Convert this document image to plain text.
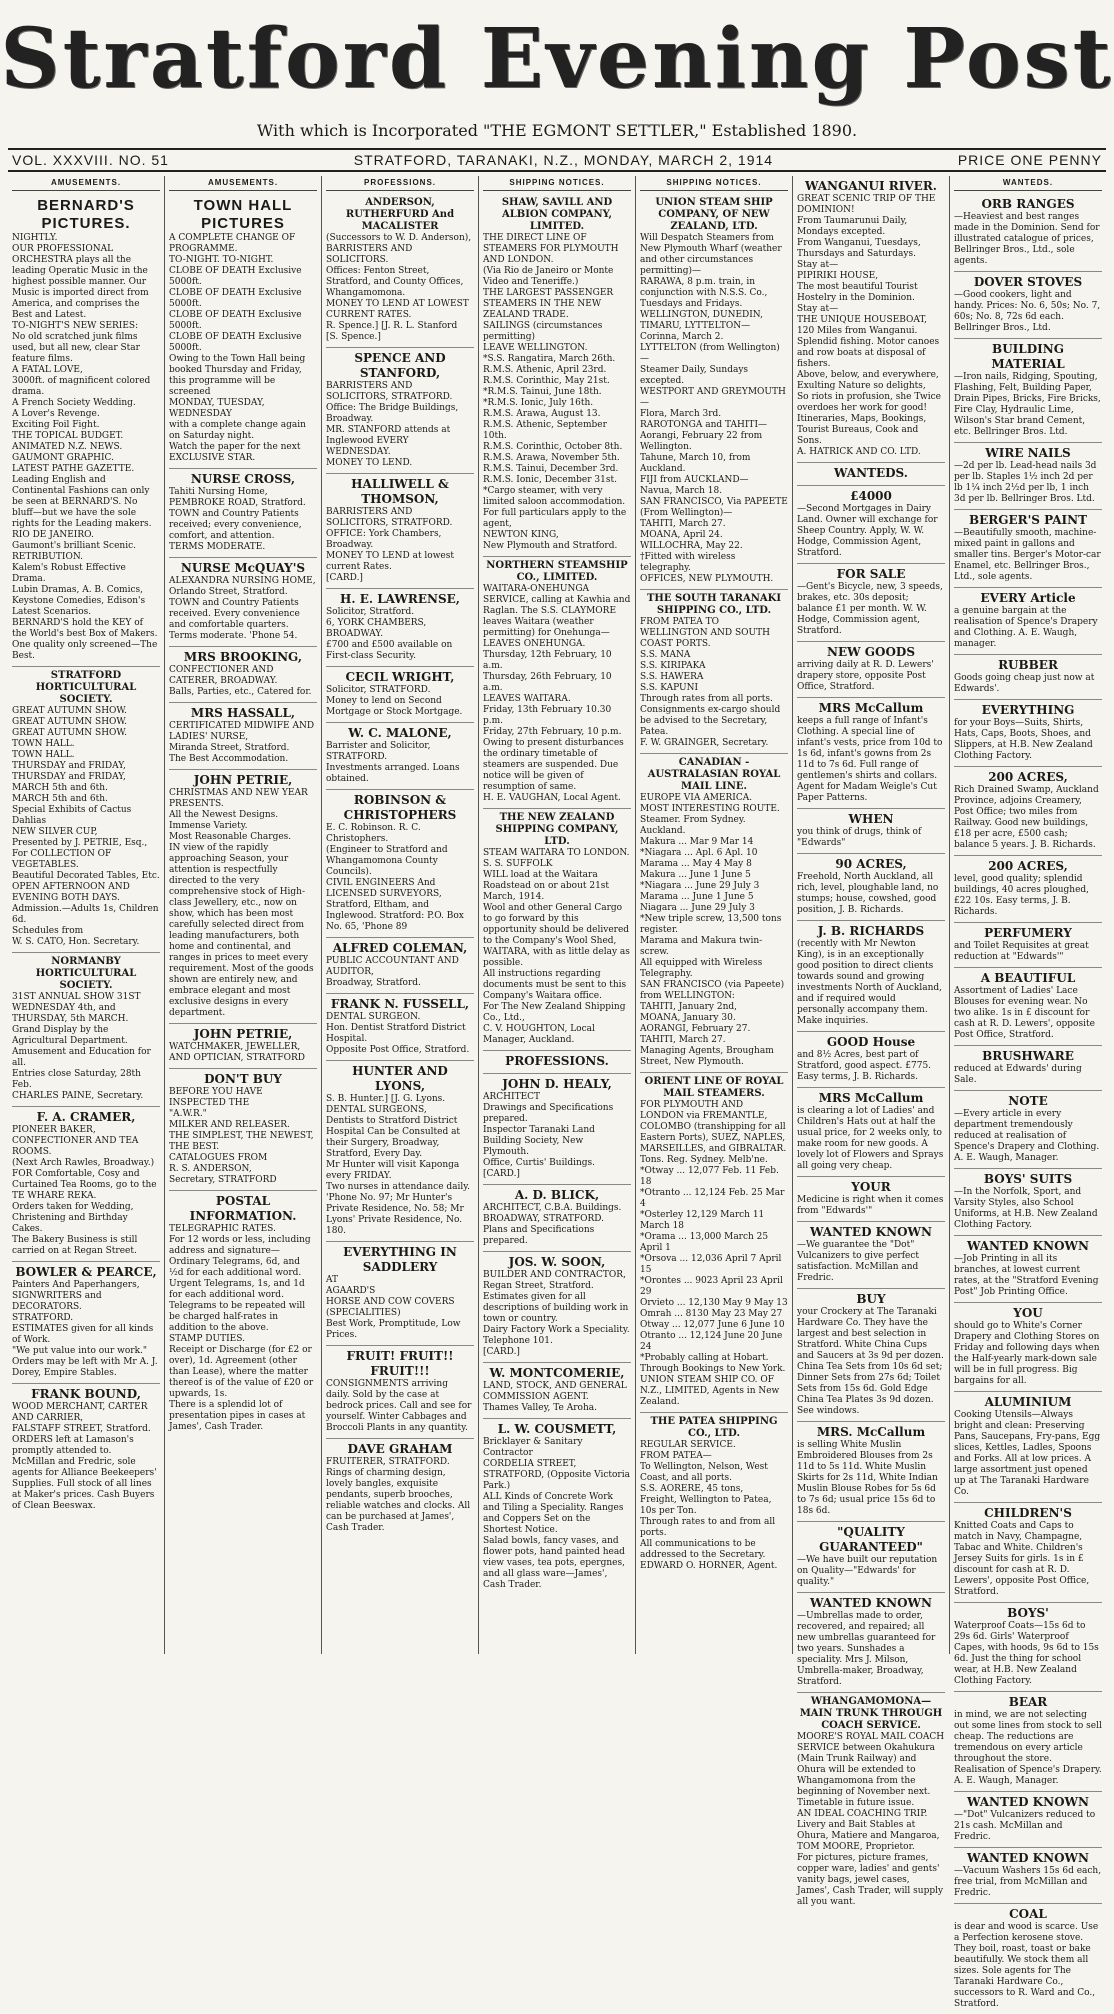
Stratford Evening Post
With which is Incorporated "THE EGMONT SETTLER," Established 1890.
VOL. XXXVIII. NO. 51	STRATFORD, TARANAKI, N.Z., MONDAY, MARCH 2, 1914	PRICE ONE PENNY
AMUSEMENTS.
BERNARD'S PICTURES.
NIGHTLY.
OUR PROFESSIONAL ORCHESTRA plays all the leading Operatic Music in the highest possible manner. Our Music is imported direct from America, and comprises the Best and Latest.
TO-NIGHT'S NEW SERIES:
No old scratched junk films used, but all new, clear Star feature films.
A FATAL LOVE,
3000ft. of magnificent colored drama.
A French Society Wedding.
A Lover's Revenge.
Exciting Foil Fight.
THE TOPICAL BUDGET.
ANIMATED N.Z. NEWS.
GAUMONT GRAPHIC.
LATEST PATHE GAZETTE.
Leading English and Continental Fashions can only be seen at BERNARD'S. No bluff—but we have the sole rights for the Leading makers.
RIO DE JANEIRO.
Gaumont's brilliant Scenic.
RETRIBUTION.
Kalem's Robust Effective Drama.
Lubin Dramas, A. B. Comics, Keystone Comedies, Edison's Latest Scenarios.
BERNARD'S hold the KEY of the World's best Box of Makers.
One quality only screened—The Best.
STRATFORD HORTICULTURAL SOCIETY.
GREAT AUTUMN SHOW.
GREAT AUTUMN SHOW.
GREAT AUTUMN SHOW.
TOWN HALL.
TOWN HALL.
THURSDAY and FRIDAY,
THURSDAY and FRIDAY,
MARCH 5th and 6th.
MARCH 5th and 6th.
Special Exhibits of Cactus Dahlias
NEW SILVER CUP,
Presented by J. PETRIE, Esq.,
For COLLECTION OF VEGETABLES.
Beautiful Decorated Tables, Etc.
OPEN AFTERNOON AND EVENING BOTH DAYS.
Admission.—Adults 1s, Children 6d.
Schedules from
W. S. CATO, Hon. Secretary.
NORMANBY HORTICULTURAL SOCIETY.
31ST ANNUAL SHOW 31ST
WEDNESDAY 4th, and THURSDAY, 5th MARCH.
Grand Display by the Agricultural Department. Amusement and Education for all.
Entries close Saturday, 28th Feb.
CHARLES PAINE, Secretary.
F. A. CRAMER,
PIONEER BAKER, CONFECTIONER AND TEA ROOMS.
(Next Arch Rawles, Broadway.)
FOR Comfortable, Cosy and Curtained Tea Rooms, go to the
TE WHARE REKA.
Orders taken for Wedding, Christening and Birthday Cakes.
The Bakery Business is still carried on at Regan Street.
BOWLER & PEARCE,
Painters And Paperhangers, SIGNWRITERS and DECORATORS.
STRATFORD.
ESTIMATES given for all kinds of Work.
"We put value into our work."
Orders may be left with Mr A. J. Dorey, Empire Stables.
FRANK BOUND,
WOOD MERCHANT, CARTER AND CARRIER,
FALSTAFF STREET, Stratford.
ORDERS left at Lamason's promptly attended to.
McMillan and Fredric, sole agents for Alliance Beekeepers' Supplies. Full stock of all lines at Maker's prices. Cash Buyers of Clean Beeswax.
AMUSEMENTS.
TOWN HALL PICTURES
A COMPLETE CHANGE OF PROGRAMME.
TO-NIGHT. TO-NIGHT.
CLOBE OF DEATH Exclusive 5000ft.
CLOBE OF DEATH Exclusive 5000ft.
CLOBE OF DEATH Exclusive 5000ft.
CLOBE OF DEATH Exclusive 5000ft.
Owing to the Town Hall being booked Thursday and Friday, this programme will be screened
MONDAY, TUESDAY, WEDNESDAY
with a complete change again on Saturday night.
Watch the paper for the next
EXCLUSIVE STAR.
NURSE CROSS,
Tahiti Nursing Home,
PEMBROKE ROAD, Stratford.
TOWN and Country Patients received; every convenience, comfort, and attention.
TERMS MODERATE.
NURSE McQUAY'S
ALEXANDRA NURSING HOME,
Orlando Street, Stratford.
TOWN and Country Patients received. Every convenience and comfortable quarters.
Terms moderate. 'Phone 54.
MRS BROOKING,
CONFECTIONER AND CATERER, BROADWAY.
Balls, Parties, etc., Catered for.
MRS HASSALL,
CERTIFICATED MIDWIFE AND LADIES' NURSE,
Miranda Street, Stratford.
The Best Accommodation.
JOHN PETRIE,
CHRISTMAS AND NEW YEAR PRESENTS.
All the Newest Designs.
Immense Variety.
Most Reasonable Charges.
IN view of the rapidly approaching Season, your attention is respectfully directed to the very comprehensive stock of High-class Jewellery, etc., now on show, which has been most carefully selected direct from leading manufacturers, both home and continental, and ranges in prices to meet every requirement. Most of the goods shown are entirely new, and embrace elegant and most exclusive designs in every department.
JOHN PETRIE,
WATCHMAKER, JEWELLER, AND OPTICIAN, STRATFORD
DON'T BUY
BEFORE YOU HAVE INSPECTED THE
"A.W.R."
MILKER AND RELEASER.
THE SIMPLEST, THE NEWEST, THE BEST.
CATALOGUES FROM
R. S. ANDERSON,
Secretary, STRATFORD
POSTAL INFORMATION.
TELEGRAPHIC RATES.
For 12 words or less, including address and signature—
Ordinary Telegrams, 6d, and ½d for each additional word.
Urgent Telegrams, 1s, and 1d for each additional word. Telegrams to be repeated will be charged half-rates in addition to the above.
STAMP DUTIES.
Receipt or Discharge (for £2 or over), 1d. Agreement (other than Lease), where the matter thereof is of the value of £20 or upwards, 1s.
There is a splendid lot of presentation pipes in cases at James', Cash Trader.
PROFESSIONS.
ANDERSON, RUTHERFURD And MACALISTER
(Successors to W. D. Anderson), BARRISTERS AND SOLICITORS.
Offices: Fenton Street, Stratford, and County Offices, Whangamomona.
MONEY TO LEND AT LOWEST CURRENT RATES.
R. Spence.] [J. R. L. Stanford
[S. Spence.]
SPENCE AND STANFORD,
BARRISTERS AND SOLICITORS, STRATFORD.
Office: The Bridge Buildings, Broadway.
MR. STANFORD attends at Inglewood EVERY WEDNESDAY.
MONEY TO LEND.
HALLIWELL & THOMSON,
BARRISTERS AND SOLICITORS, STRATFORD.
OFFICE: York Chambers, Broadway.
MONEY TO LEND at lowest current Rates.
[CARD.]
H. E. LAWRENSE,
Solicitor, Stratford.
6, YORK CHAMBERS, BROADWAY.
£700 and £500 available on First-class Security.
CECIL WRIGHT,
Solicitor, STRATFORD.
Money to lend on Second Mortgage or Stock Mortgage.
W. C. MALONE,
Barrister and Solicitor, STRATFORD.
Investments arranged. Loans obtained.
ROBINSON & CHRISTOPHERS
E. C. Robinson. R. C. Christophers.
(Engineer to Stratford and Whangamomona County Councils).
CIVIL ENGINEERS And LICENSED SURVEYORS,
Stratford, Eltham, and Inglewood. Stratford: P.O. Box No. 65, 'Phone 89
ALFRED COLEMAN,
PUBLIC ACCOUNTANT AND AUDITOR,
Broadway, Stratford.
FRANK N. FUSSELL,
DENTAL SURGEON.
Hon. Dentist Stratford District Hospital.
Opposite Post Office, Stratford.
HUNTER AND LYONS,
S. B. Hunter.] [J. G. Lyons.
DENTAL SURGEONS,
Dentists to Stratford District Hospital Can be Consulted at their Surgery, Broadway, Stratford, Every Day.
Mr Hunter will visit Kaponga every FRIDAY.
Two nurses in attendance daily.
'Phone No. 97; Mr Hunter's Private Residence, No. 58; Mr Lyons' Private Residence, No. 180.
EVERYTHING IN SADDLERY
AT
AGAARD'S
HORSE AND COW COVERS (SPECIALITIES)
Best Work, Promptitude, Low Prices.
FRUIT! FRUIT!! FRUIT!!!
CONSIGNMENTS arriving daily. Sold by the case at bedrock prices. Call and see for yourself. Winter Cabbages and Broccoli Plants in any quantity.
DAVE GRAHAM
FRUITERER, STRATFORD.
Rings of charming design, lovely bangles, exquisite pendants, superb brooches, reliable watches and clocks. All can be purchased at James', Cash Trader.
SHIPPING NOTICES.
SHAW, SAVILL AND ALBION COMPANY, LIMITED.
THE DIRECT LINE OF STEAMERS FOR PLYMOUTH AND LONDON.
(Via Rio de Janeiro or Monte Video and Teneriffe.)
THE LARGEST PASSENGER STEAMERS IN THE NEW ZEALAND TRADE.
SAILINGS (circumstances permitting)
LEAVE WELLINGTON.
*S.S. Rangatira, March 26th.
R.M.S. Athenic, April 23rd.
R.M.S. Corinthic, May 21st.
*R.M.S. Tainui, June 18th.
*R.M.S. Ionic, July 16th.
R.M.S. Arawa, August 13.
R.M.S. Athenic, September 10th.
R.M.S. Corinthic, October 8th.
R.M.S. Arawa, November 5th.
R.M.S. Tainui, December 3rd.
R.M.S. Ionic, December 31st.
*Cargo steamer, with very limited saloon accommodation.
For full particulars apply to the agent,
NEWTON KING,
New Plymouth and Stratford.
NORTHERN STEAMSHIP CO., LIMITED.
WAITARA-ONEHUNGA SERVICE, calling at Kawhia and Raglan. The S.S. CLAYMORE leaves Waitara (weather permitting) for Onehunga—
LEAVES ONEHUNGA.
Thursday, 12th February, 10 a.m.
Thursday, 26th February, 10 a.m.
LEAVES WAITARA.
Friday, 13th February 10.30 p.m.
Friday, 27th February, 10 p.m.
Owing to present disturbances the ordinary timetable of steamers are suspended. Due notice will be given of resumption of same.
H. E. VAUGHAN, Local Agent.
THE NEW ZEALAND SHIPPING COMPANY, LTD.
STEAM WAITARA TO LONDON.
S. S. SUFFOLK
WILL load at the Waitara Roadstead on or about 21st March, 1914.
Wool and other General Cargo to go forward by this opportunity should be delivered to the Company's Wool Shed, WAITARA, with as little delay as possible.
All instructions regarding documents must be sent to this Company's Waitara office.
For The New Zealand Shipping Co., Ltd.,
C. V. HOUGHTON, Local Manager, Auckland.
PROFESSIONS.
JOHN D. HEALY,
ARCHITECT
Drawings and Specifications prepared.
Inspector Taranaki Land Building Society, New Plymouth.
Office, Curtis' Buildings.
[CARD.]
A. D. BLICK,
ARCHITECT, C.B.A. Buildings.
BROADWAY, STRATFORD.
Plans and Specifications prepared.
JOS. W. SOON,
BUILDER AND CONTRACTOR, Regan Street, Stratford.
Estimates given for all descriptions of building work in town or country.
Dairy Factory Work a Speciality.
Telephone 101.
[CARD.]
W. MONTCOMERIE,
LAND, STOCK, AND GENERAL COMMISSION AGENT.
Thames Valley, Te Aroha.
L. W. COUSMETT,
Bricklayer & Sanitary Contractor
CORDELIA STREET, STRATFORD, (Opposite Victoria Park.)
ALL Kinds of Concrete Work and Tiling a Speciality. Ranges and Coppers Set on the Shortest Notice.
Salad bowls, fancy vases, and flower pots, hand painted head view vases, tea pots, epergnes, and all glass ware—James', Cash Trader.
SHIPPING NOTICES.
UNION STEAM SHIP COMPANY, OF NEW ZEALAND, LTD.
Will Despatch Steamers from New Plymouth Wharf (weather and other circumstances permitting)—
RARAWA, 8 p.m. train, in conjunction with N.S.S. Co.,
Tuesdays and Fridays.
WELLINGTON, DUNEDIN, TIMARU, LYTTELTON—
Corinna, March 2.
LYTTELTON (from Wellington)—
Steamer Daily, Sundays excepted.
WESTPORT AND GREYMOUTH—
Flora, March 3rd.
RAROTONGA and TAHITI—
Aorangi, February 22 from Wellington.
Tahune, March 10, from Auckland.
FIJI from AUCKLAND—
Navua, March 18.
SAN FRANCISCO, Via PAPEETE (From Wellington)—
TAHITI, March 27.
MOANA, April 24.
WILLOCHRA, May 22.
†Fitted with wireless telegraphy.
OFFICES, NEW PLYMOUTH.
THE SOUTH TARANAKI SHIPPING CO., LTD.
FROM PATEA TO WELLINGTON AND SOUTH COAST PORTS.
S.S. MANA
S.S. KIRIPAKA
S.S. HAWERA
S.S. KAPUNI
Through rates from all ports. Consignments ex-cargo should be advised to the Secretary, Patea.
F. W. GRAINGER, Secretary.
CANADIAN - AUSTRALASIAN ROYAL MAIL LINE.
EUROPE VIA AMERICA.
MOST INTERESTING ROUTE.
Steamer. From Sydney. Auckland.
Makura ... Mar 9 Mar 14
*Niagara ... Apl. 6 Apl. 10
Marama ... May 4 May 8
Makura ... June 1 June 5
*Niagara ... June 29 July 3
Marama ... June 1 June 5
Niagara ... June 29 July 3
*New triple screw, 13,500 tons register.
Marama and Makura twin-screw.
All equipped with Wireless Telegraphy.
SAN FRANCISCO (via Papeete) from WELLINGTON:
TAHITI, January 2nd,
MOANA, January 30.
AORANGI, February 27.
TAHITI, March 27.
Managing Agents, Brougham Street, New Plymouth.
ORIENT LINE OF ROYAL MAIL STEAMERS.
FOR PLYMOUTH AND LONDON via FREMANTLE, COLOMBO (transhipping for all Eastern Ports), SUEZ, NAPLES, MARSEILLES, and GIBRALTAR.
Tons. Reg. Sydney. Melb'ne.
*Otway ... 12,077 Feb. 11 Feb. 18
*Otranto ... 12,124 Feb. 25 Mar 4
*Osterley 12,129 March 11 March 18
*Orama ... 13,000 March 25 April 1
*Orsova ... 12,036 April 7 April 15
*Orontes ... 9023 April 23 April 29
Orvieto ... 12,130 May 9 May 13
Omrah ... 8130 May 23 May 27
Otway ... 12,077 June 6 June 10
Otranto ... 12,124 June 20 June 24
*Probably calling at Hobart.
Through Bookings to New York.
UNION STEAM SHIP CO. OF N.Z., LIMITED, Agents in New Zealand.
THE PATEA SHIPPING CO., LTD.
REGULAR SERVICE.
FROM PATEA—
To Wellington, Nelson, West Coast, and all ports.
S.S. AORERE, 45 tons,
Freight, Wellington to Patea, 10s per Ton.
Through rates to and from all ports.
All communications to be addressed to the Secretary.
EDWARD O. HORNER, Agent.
WANGANUI RIVER.
GREAT SCENIC TRIP OF THE DOMINION!
From Taumarunui Daily, Mondays excepted.
From Wanganui, Tuesdays, Thursdays and Saturdays.
Stay at—
PIPIRIKI HOUSE,
The most beautiful Tourist Hostelry in the Dominion.
Stay at—
THE UNIQUE HOUSEBOAT,
120 Miles from Wanganui. Splendid fishing. Motor canoes and row boats at disposal of fishers.
Above, below, and everywhere, Exulting Nature so delights,
So riots in profusion, she Twice overdoes her work for good!
Itineraries, Maps, Bookings, Tourist Bureaus, Cook and Sons.
A. HATRICK AND CO. LTD.
WANTEDS.
£4000
—Second Mortgages in Dairy Land. Owner will exchange for Sheep Country. Apply, W. W. Hodge, Commission Agent, Stratford.
FOR SALE
—Gent's Bicycle, new, 3 speeds, brakes, etc. 30s deposit; balance £1 per month. W. W. Hodge, Commission agent, Stratford.
NEW GOODS
arriving daily at R. D. Lewers' drapery store, opposite Post Office, Stratford.
MRS McCallum
keeps a full range of Infant's Clothing. A special line of infant's vests, price from 10d to 1s 6d, infant's gowns from 2s 11d to 7s 6d. Full range of gentlemen's shirts and collars. Agent for Madam Weigle's Cut Paper Patterns.
WHEN
you think of drugs, think of "Edwards"
90 ACRES,
Freehold, North Auckland, all rich, level, ploughable land, no stumps; house, cowshed, good position, J. B. Richards.
J. B. RICHARDS
(recently with Mr Newton King), is in an exceptionally good position to direct clients towards sound and growing investments North of Auckland, and if required would personally accompany them. Make inquiries.
GOOD House
and 8½ Acres, best part of Stratford, good aspect. £775. Easy terms, J. B. Richards.
MRS McCallum
is clearing a lot of Ladies' and Children's Hats out at half the usual price, for 2 weeks only, to make room for new goods. A lovely lot of Flowers and Sprays all going very cheap.
YOUR
Medicine is right when it comes from "Edwards'"
WANTED KNOWN
—We guarantee the "Dot" Vulcanizers to give perfect satisfaction. McMillan and Fredric.
BUY
your Crockery at The Taranaki Hardware Co. They have the largest and best selection in Stratford. White China Cups and Saucers at 3s 9d per dozen. China Tea Sets from 10s 6d set; Dinner Sets from 27s 6d; Toilet Sets from 15s 6d. Gold Edge China Tea Plates 3s 9d dozen. See windows.
MRS. McCallum
is selling White Muslin Embroidered Blouses from 2s 11d to 5s 11d. White Muslin Skirts for 2s 11d, White Indian Muslin Blouse Robes for 5s 6d to 7s 6d; usual price 15s 6d to 18s 6d.
"QUALITY GUARANTEED"
—We have built our reputation on Quality—"Edwards' for quality."
WANTED KNOWN
—Umbrellas made to order, recovered, and repaired; all new umbrellas guaranteed for two years. Sunshades a speciality. Mrs J. Milson, Umbrella-maker, Broadway, Stratford.
WHANGAMOMONA—MAIN TRUNK THROUGH COACH SERVICE.
MOORE'S ROYAL MAIL COACH SERVICE between Okahukura (Main Trunk Railway) and Ohura will be extended to Whangamomona from the beginning of November next. Timetable in future issue.
AN IDEAL COACHING TRIP.
Livery and Bait Stables at Ohura, Matiere and Mangaroa,
TOM MOORE, Proprietor.
For pictures, picture frames, copper ware, ladies' and gents' vanity bags, jewel cases, James', Cash Trader, will supply all you want.
WANTEDS.
ORB RANGES
—Heaviest and best ranges made in the Dominion. Send for illustrated catalogue of prices, Bellringer Bros., Ltd., sole agents.
DOVER STOVES
—Good cookers, light and handy. Prices: No. 6, 50s; No. 7, 60s; No. 8, 72s 6d each. Bellringer Bros., Ltd.
BUILDING MATERIAL
—Iron nails, Ridging, Spouting, Flashing, Felt, Building Paper, Drain Pipes, Bricks, Fire Bricks, Fire Clay, Hydraulic Lime, Wilson's Star brand Cement, etc. Bellringer Bros. Ltd.
WIRE NAILS
—2d per lb. Lead-head nails 3d per lb. Staples 1½ inch 2d per lb 1¼ inch 2½d per lb, 1 inch 3d per lb. Bellringer Bros. Ltd.
BERGER'S PAINT
—Beautifully smooth, machine-mixed paint in gallons and smaller tins. Berger's Motor-car Enamel, etc. Bellringer Bros., Ltd., sole agents.
EVERY Article
a genuine bargain at the realisation of Spence's Drapery and Clothing. A. E. Waugh, manager.
RUBBER
Goods going cheap just now at Edwards'.
EVERYTHING
for your Boys—Suits, Shirts, Hats, Caps, Boots, Shoes, and Slippers, at H.B. New Zealand Clothing Factory.
200 ACRES,
Rich Drained Swamp, Auckland Province, adjoins Creamery, Post Office; two miles from Railway. Good new buildings, £18 per acre, £500 cash; balance 5 years. J. B. Richards.
200 ACRES,
level, good quality; splendid buildings, 40 acres ploughed, £22 10s. Easy terms, J. B. Richards.
PERFUMERY
and Toilet Requisites at great reduction at "Edwards'"
A BEAUTIFUL
Assortment of Ladies' Lace Blouses for evening wear. No two alike. 1s in £ discount for cash at R. D. Lewers', opposite Post Office, Stratford.
BRUSHWARE
reduced at Edwards' during Sale.
NOTE
—Every article in every department tremendously reduced at realisation of Spence's Drapery and Clothing. A. E. Waugh, Manager.
BOYS' SUITS
—In the Norfolk, Sport, and Varsity Styles, also School Uniforms, at H.B. New Zealand Clothing Factory.
WANTED KNOWN
—Job Printing in all its branches, at lowest current rates, at the "Stratford Evening Post" Job Printing Office.
YOU
should go to White's Corner Drapery and Clothing Stores on Friday and following days when the Half-yearly mark-down sale will be in full progress. Big bargains for all.
ALUMINIUM
Cooking Utensils—Always bright and clean: Preserving Pans, Saucepans, Fry-pans, Egg slices, Kettles, Ladles, Spoons and Forks. All at low prices. A large assortment just opened up at The Taranaki Hardware Co.
CHILDREN'S
Knitted Coats and Caps to match in Navy, Champagne, Tabac and White. Children's Jersey Suits for girls. 1s in £ discount for cash at R. D. Lewers', opposite Post Office, Stratford.
BOYS'
Waterproof Coats—15s 6d to 29s 6d. Girls' Waterproof Capes, with hoods, 9s 6d to 15s 6d. Just the thing for school wear, at H.B. New Zealand Clothing Factory.
BEAR
in mind, we are not selecting out some lines from stock to sell cheap. The reductions are tremendous on every article throughout the store. Realisation of Spence's Drapery. A. E. Waugh, Manager.
WANTED KNOWN
—"Dot" Vulcanizers reduced to 21s cash. McMillan and Fredric.
WANTED KNOWN
—Vacuum Washers 15s 6d each, free trial, from McMillan and Fredric.
COAL
is dear and wood is scarce. Use a Perfection kerosene stove. They boil, roast, toast or bake beautifully. We stock them all sizes. Sole agents for The Taranaki Hardware Co., successors to R. Ward and Co., Stratford.
